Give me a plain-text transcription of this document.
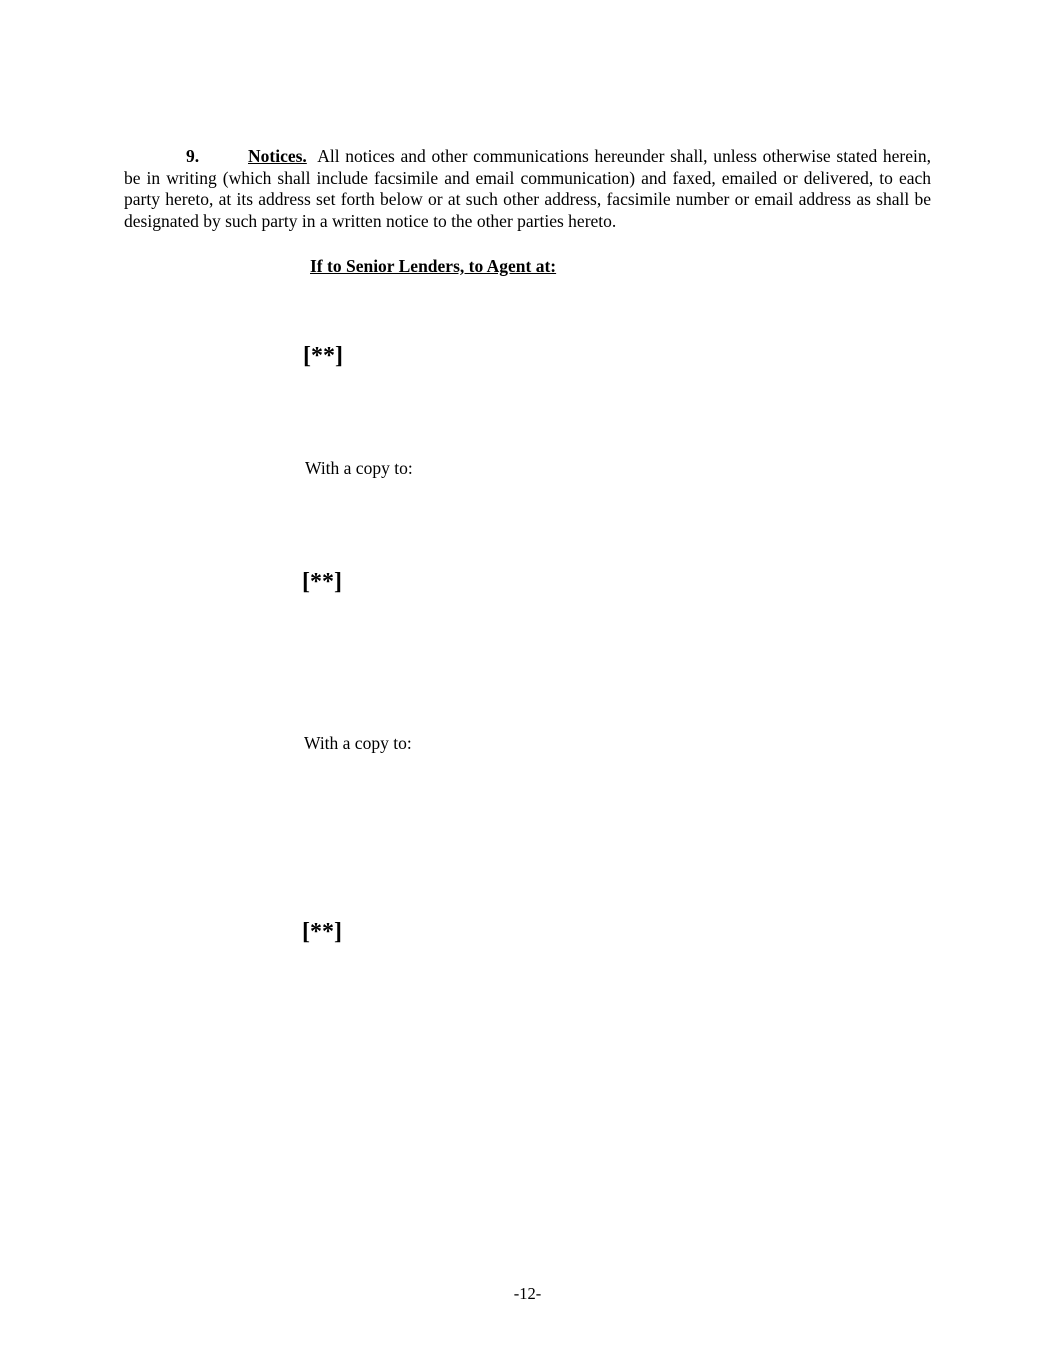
9.	Notices. All notices and other communications hereunder shall, unless otherwise stated herein, be in writing (which shall include facsimile and email communication) and faxed, emailed or delivered, to each party hereto, at its address set forth below or at such other address, facsimile number or email address as shall be designated by such party in a written notice to the other parties hereto.
If to Senior Lenders, to Agent at:
[**]
With a copy to:
[**]
With a copy to:
[**]
-12-
